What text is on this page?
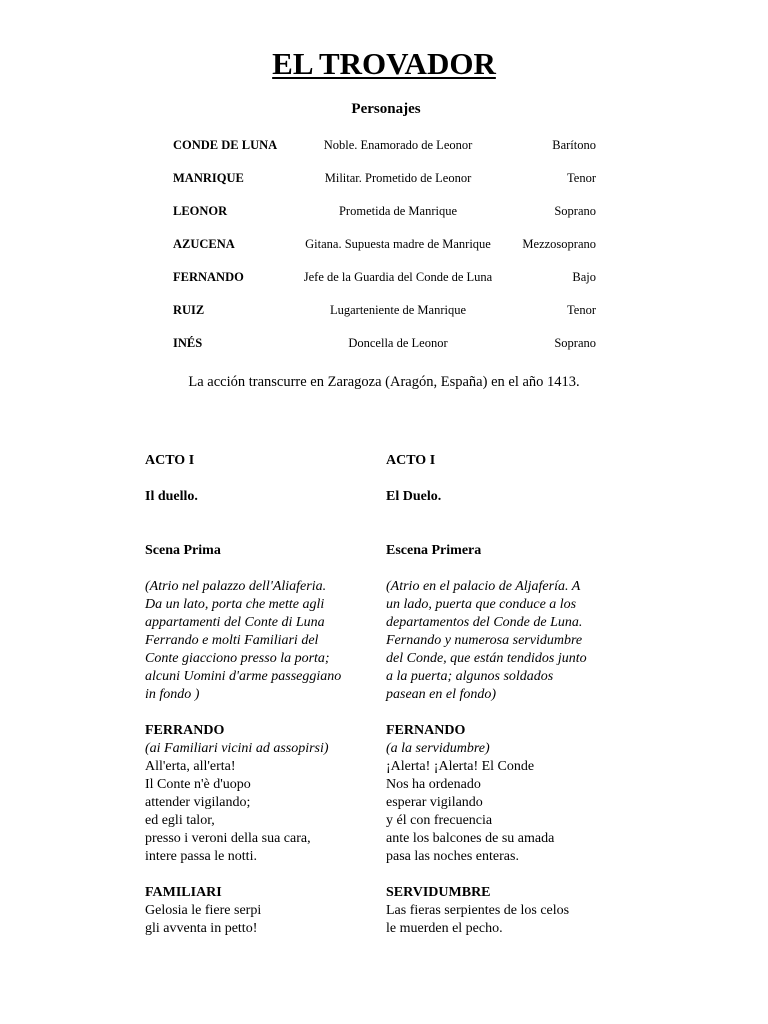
EL TROVADOR
Personajes
CONDE DE LUNA	Noble. Enamorado de Leonor	Barítono
MANRIQUE	Militar. Prometido de Leonor	Tenor
LEONOR	Prometida de Manrique	Soprano
AZUCENA	Gitana. Supuesta madre de Manrique	Mezzosoprano
FERNANDO	Jefe de la Guardia del Conde de Luna	Bajo
RUIZ	Lugarteniente de Manrique	Tenor
INÉS	Doncella de Leonor	Soprano
La acción transcurre en Zaragoza (Aragón, España) en el año 1413.
ACTO I
Il duello.
Scena Prima
(Atrio nel palazzo dell'Aliaferia.
Da un lato, porta che mette agli
appartamenti del Conte di Luna
Ferrando e molti Familiari del
Conte giacciono presso la porta;
alcuni Uomini d'arme passeggiano
in fondo )
FERRANDO
(ai Familiari vicini ad assopirsi)
All'erta, all'erta!
Il Conte n'è d'uopo
attender vigilando;
ed egli talor,
presso i veroni della sua cara,
intere passa le notti.
FAMILIARI
Gelosia le fiere serpi
gli avventa in petto!
ACTO I
El Duelo.
Escena Primera
(Atrio en el palacio de Aljafería. A
un lado, puerta que conduce a los
departamentos del Conde de Luna.
Fernando y numerosa servidumbre
del Conde, que están tendidos junto
a la puerta; algunos soldados
pasean en el fondo)
FERNANDO
(a la servidumbre)
¡Alerta! ¡Alerta! El Conde
Nos ha ordenado
esperar vigilando
y él con frecuencia
ante los balcones de su amada
pasa las noches enteras.
SERVIDUMBRE
Las fieras serpientes de los celos
le muerden el pecho.
